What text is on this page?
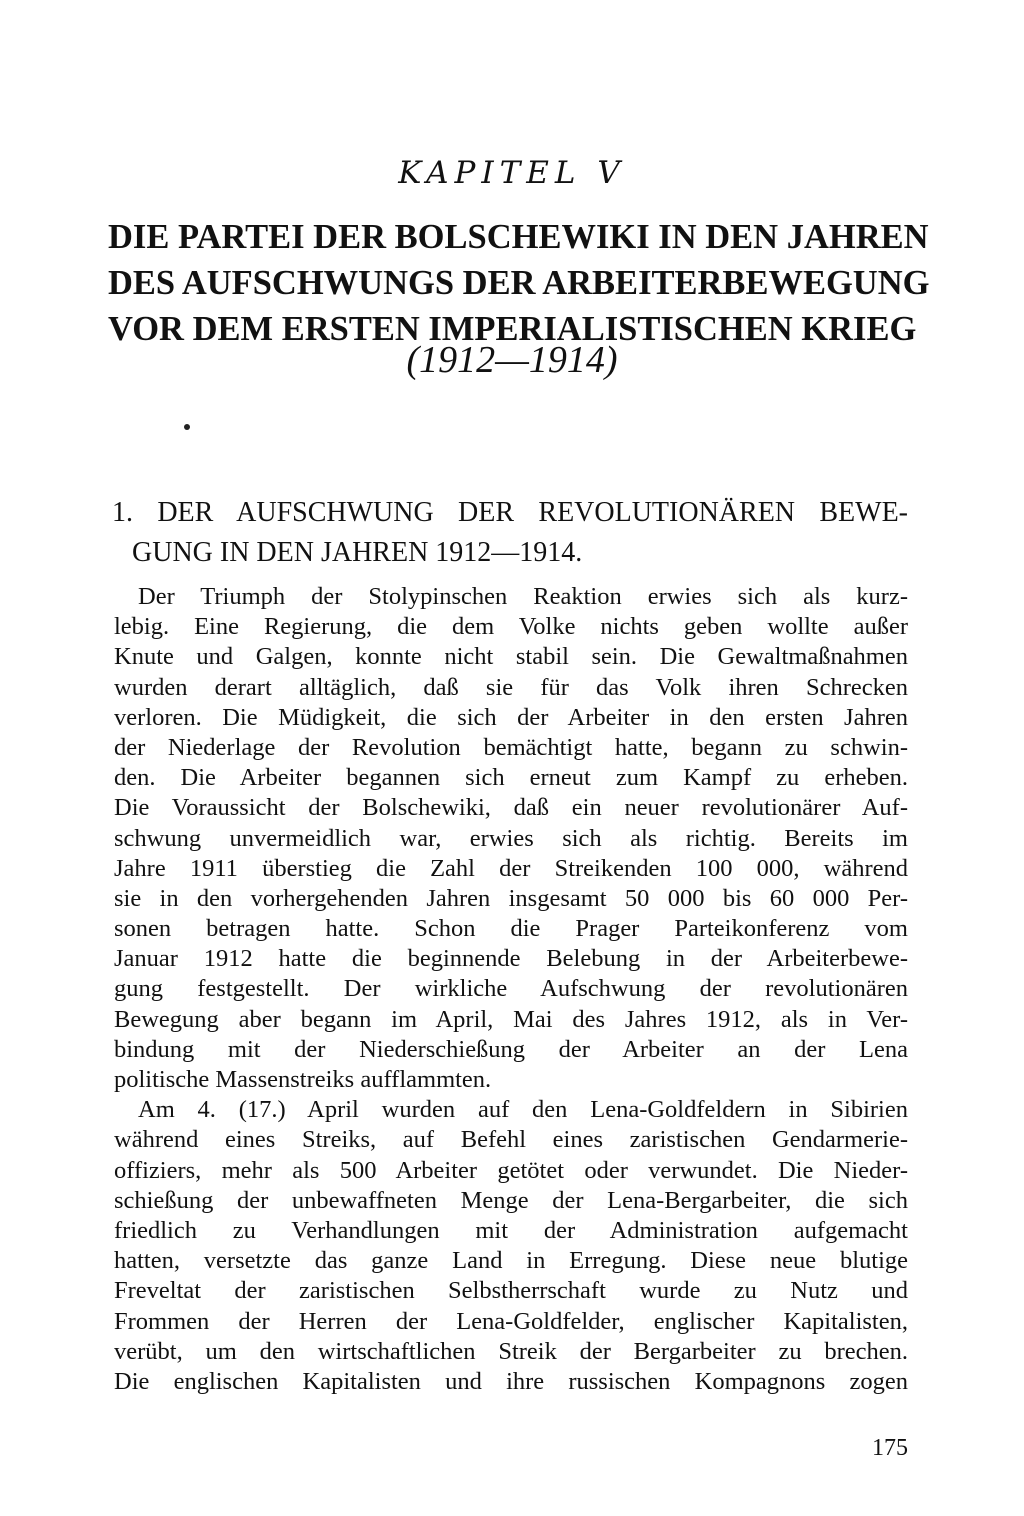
KAPITEL V
DIE PARTEI DER BOLSCHEWIKI IN DEN JAHREN
DES AUFSCHWUNGS DER ARBEITERBEWEGUNG
VOR DEM ERSTEN IMPERIALISTISCHEN KRIEG
(1912—1914)
1. DER AUFSCHWUNG DER REVOLUTIONÄREN BEWE-
GUNG IN DEN JAHREN 1912—1914.
Der Triumph der Stolypinschen Reaktion erwies sich als kurz-
lebig. Eine Regierung, die dem Volke nichts geben wollte außer
Knute und Galgen, konnte nicht stabil sein. Die Gewaltmaßnahmen
wurden derart alltäglich, daß sie für das Volk ihren Schrecken
verloren. Die Müdigkeit, die sich der Arbeiter in den ersten Jahren
der Niederlage der Revolution bemächtigt hatte, begann zu schwin-
den. Die Arbeiter begannen sich erneut zum Kampf zu erheben.
Die Voraussicht der Bolschewiki, daß ein neuer revolutionärer Auf-
schwung unvermeidlich war, erwies sich als richtig. Bereits im
Jahre 1911 überstieg die Zahl der Streikenden 100 000, während
sie in den vorhergehenden Jahren insgesamt 50 000 bis 60 000 Per-
sonen betragen hatte. Schon die Prager Parteikonferenz vom
Januar 1912 hatte die beginnende Belebung in der Arbeiterbewe-
gung festgestellt. Der wirkliche Aufschwung der revolutionären
Bewegung aber begann im April, Mai des Jahres 1912, als in Ver-
bindung mit der Niederschießung der Arbeiter an der Lena
politische Massenstreiks aufflammten.
Am 4. (17.) April wurden auf den Lena-Goldfeldern in Sibirien
während eines Streiks, auf Befehl eines zaristischen Gendarmerie-
offiziers, mehr als 500 Arbeiter getötet oder verwundet. Die Nieder-
schießung der unbewaffneten Menge der Lena-Bergarbeiter, die sich
friedlich zu Verhandlungen mit der Administration aufgemacht
hatten, versetzte das ganze Land in Erregung. Diese neue blutige
Freveltat der zaristischen Selbstherrschaft wurde zu Nutz und
Frommen der Herren der Lena-Goldfelder, englischer Kapitalisten,
verübt, um den wirtschaftlichen Streik der Bergarbeiter zu brechen.
Die englischen Kapitalisten und ihre russischen Kompagnons zogen
175
